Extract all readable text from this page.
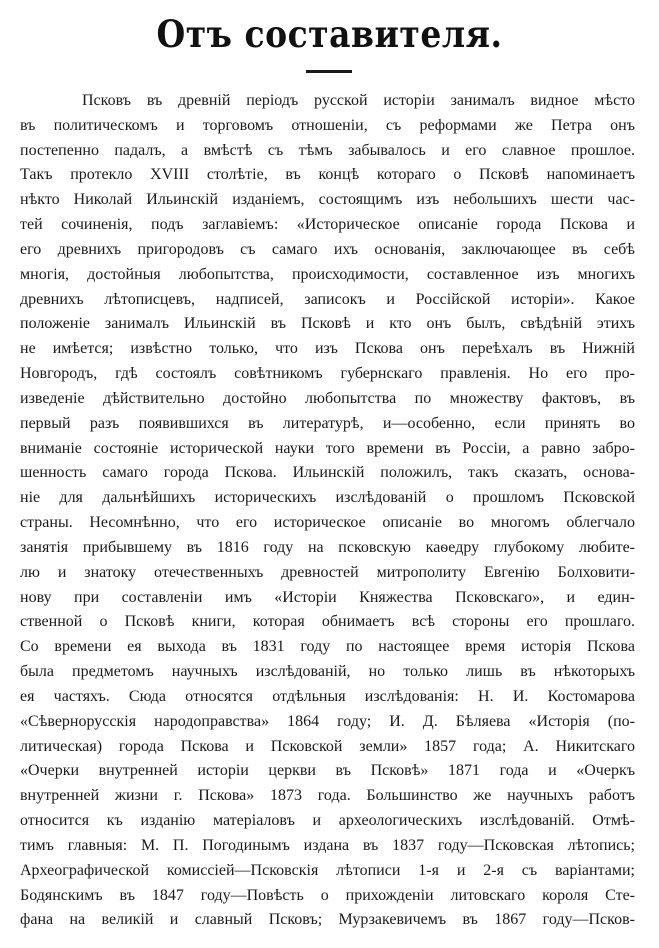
Отъ составителя.
Псковъ въ древній періодъ русской исторіи занималъ видное мѣсто
въ политическомъ и торговомъ отношеніи, съ реформами же Петра онъ
постепенно падалъ, а вмѣстѣ съ тѣмъ забывалось и его славное прошлое.
Такъ протекло XVIII столѣтіе, въ концѣ котораго о Псковѣ напоминаетъ
нѣкто Николай Ильинскій изданіемъ, состоящимъ изъ небольшихъ шести час-
тей сочиненія, подъ заглавіемъ: «Историческое описаніе города Пскова и
его древнихъ пригородовъ съ самаго ихъ основанія, заключающее въ себѣ
многія, достойныя любопытства, происходимости, составленное изъ многихъ
древнихъ лѣтописцевъ, надписей, записокъ и Россійской исторіи». Какое
положеніе занималъ Ильинскій въ Псковѣ и кто онъ былъ, свѣдѣній этихъ
не имѣется; извѣстно только, что изъ Пскова онъ переѣхалъ въ Нижній
Новгородъ, гдѣ состоялъ совѣтникомъ губернскаго правленія. Но его про-
изведеніе дѣйствительно достойно любопытства по множеству фактовъ, въ
первый разъ появившихся въ литературѣ, и—особенно, если принять во
вниманіе состояніе исторической науки того времени въ Россіи, а равно забро-
шенность самаго города Пскова. Ильинскій положилъ, такъ сказать, основа-
ніе для дальнѣйшихъ историческихъ изслѣдованій о прошломъ Псковской
страны. Несомнѣнно, что его историческое описаніе во многомъ облегчало
занятія прибывшему въ 1816 году на псковскую каѳедру глубокому любите-
лю и знатоку отечественныхъ древностей митрополиту Евгенію Болховити-
нову при составленіи имъ «Исторіи Княжества Псковскаго», и един-
ственной о Псковѣ книги, которая обнимаетъ всѣ стороны его прошлаго.
Со времени ея выхода въ 1831 году по настоящее время исторія Пскова
была предметомъ научныхъ изслѣдованій, но только лишь въ нѣкоторыхъ
ея частяхъ. Сюда относятся отдѣльныя изслѣдованія: Н. И. Костомарова
«Сѣвернорусскія народоправства» 1864 году; И. Д. Бѣляева «Исторія (по-
литическая) города Пскова и Псковской земли» 1857 года; А. Никитскаго
«Очерки внутренней исторіи церкви въ Псковѣ» 1871 года и «Очеркъ
внутренней жизни г. Пскова» 1873 года. Большинство же научныхъ работъ
относится къ изданію матеріаловъ и археологическихъ изслѣдованій. Отмѣ-
тимъ главныя: М. П. Погодинымъ издана въ 1837 году—Псковская лѣтопись;
Археографической комиссіей—Псковскія лѣтописи 1-я и 2-я съ варіантами;
Бодянскимъ въ 1847 году—Повѣсть о прихожденіи литовскаго короля Сте-
фана на великій и славный Псковъ; Мурзакевичемъ въ 1867 году—Псков-
